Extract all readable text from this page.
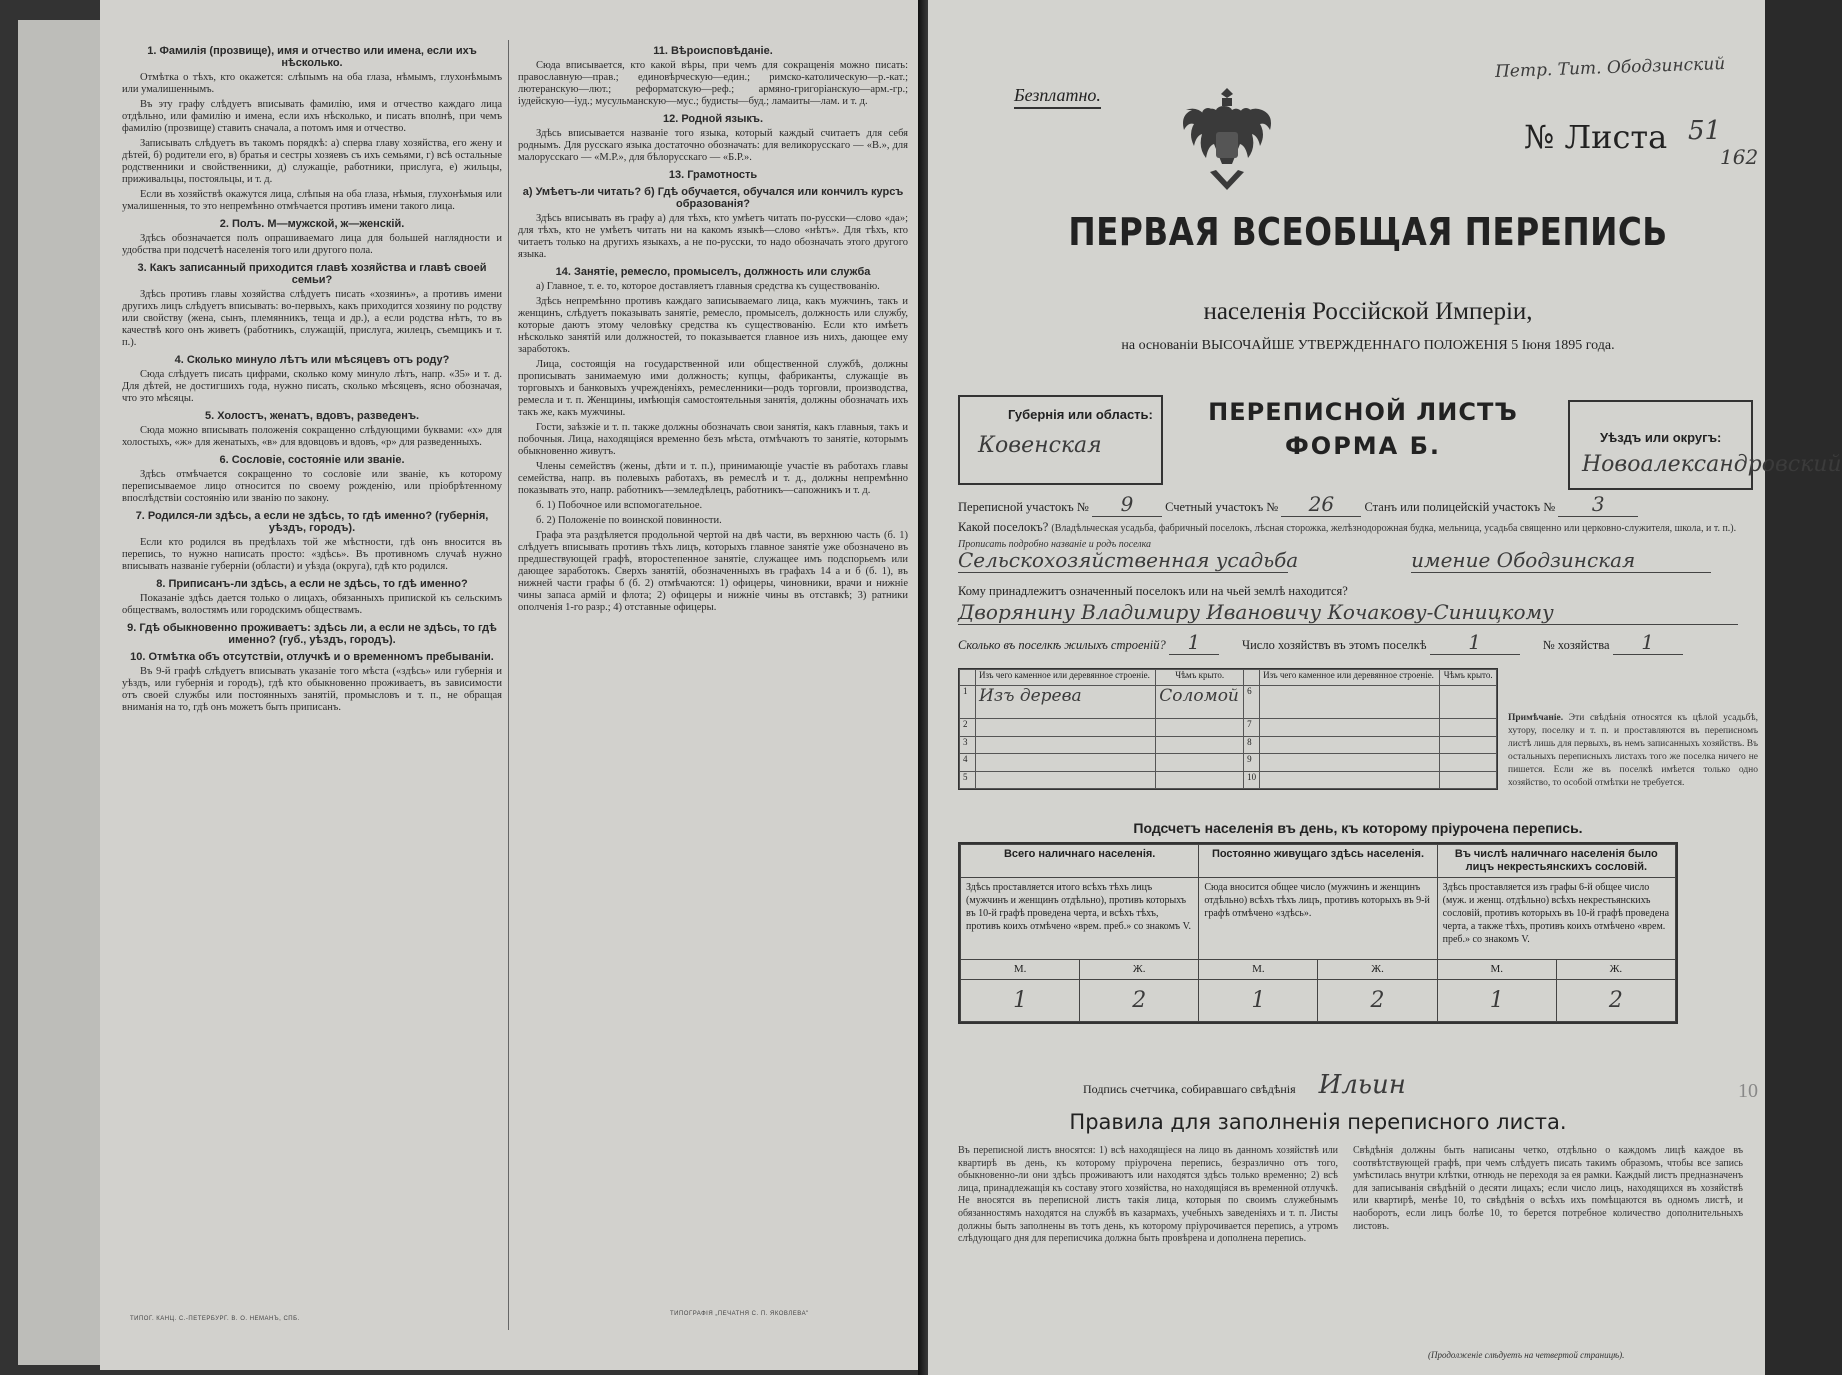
1. Фамилія (прозвище), имя и отчество или имена, если ихъ нѣсколько.
Отмѣтка о тѣхъ, кто окажется: слѣпымъ на оба глаза, нѣмымъ, глухонѣмымъ или умалишеннымъ.
Въ эту графу слѣдуетъ вписывать фамилію, имя и отчество каждаго лица отдѣльно, или фамилію и имена, если ихъ нѣсколько, и писать вполнѣ, при чемъ фамилію (прозвище) ставить сначала, а потомъ имя и отчество.
Записывать слѣдуетъ въ такомъ порядкѣ: а) сперва главу хозяйства, его жену и дѣтей, б) родители его, в) братья и сестры хозяевъ съ ихъ семьями, г) всѣ остальные родственники и свойственники, д) служащіе, работники, прислуга, е) жильцы, приживальцы, постояльцы, и т. д.
Если въ хозяйствѣ окажутся лица, слѣпыя на оба глаза, нѣмыя, глухонѣмыя или умалишенныя, то это непремѣнно отмѣчается противъ имени такого лица.
2. Полъ. М—мужской, ж—женскій.
Здѣсь обозначается полъ опрашиваемаго лица для большей наглядности и удобства при подсчетѣ населенія того или другого пола.
3. Какъ записанный приходится главѣ хозяйства и главѣ своей семьи?
Здѣсь противъ главы хозяйства слѣдуетъ писать «хозяинъ», а противъ имени другихъ лицъ слѣдуетъ вписывать: во-первыхъ, какъ приходится хозяину по родству или свойству (жена, сынъ, племянникъ, теща и др.), а если родства нѣтъ, то въ качествѣ кого онъ живетъ (работникъ, служащій, прислуга, жилецъ, съемщикъ и т. п.).
4. Сколько минуло лѣтъ или мѣсяцевъ отъ роду?
Сюда слѣдуетъ писать цифрами, сколько кому минуло лѣтъ, напр. «35» и т. д. Для дѣтей, не достигшихъ года, нужно писать, сколько мѣсяцевъ, ясно обозначая, что это мѣсяцы.
5. Холостъ, женатъ, вдовъ, разведенъ.
Сюда можно вписывать положенія сокращенно слѣдующими буквами: «х» для холостыхъ, «ж» для женатыхъ, «в» для вдовцовъ и вдовъ, «р» для разведенныхъ.
6. Сословіе, состояніе или званіе.
Здѣсь отмѣчается сокращенно то сословіе или званіе, къ которому переписываемое лицо относится по своему рожденію, или пріобрѣтенному впослѣдствіи состоянію или званію по закону.
7. Родился-ли здѣсь, а если не здѣсь, то гдѣ именно? (губернія, уѣздъ, городъ).
Если кто родился въ предѣлахъ той же мѣстности, гдѣ онъ вносится въ перепись, то нужно написать просто: «здѣсь». Въ противномъ случаѣ нужно вписывать названіе губерніи (области) и уѣзда (округа), гдѣ кто родился.
8. Приписанъ-ли здѣсь, а если не здѣсь, то гдѣ именно?
Показаніе здѣсь дается только о лицахъ, обязанныхъ припиской къ сельскимъ обществамъ, волостямъ или городскимъ обществамъ.
9. Гдѣ обыкновенно проживаетъ: здѣсь ли, а если не здѣсь, то гдѣ именно? (губ., уѣздъ, городъ).
10. Отмѣтка объ отсутствіи, отлучкѣ и о временномъ пребываніи.
Въ 9-й графѣ слѣдуетъ вписывать указаніе того мѣста («здѣсь» или губернія и уѣздъ, или губернія и городъ), гдѣ кто обыкновенно проживаетъ, въ зависимости отъ своей службы или постоянныхъ занятій, промысловъ и т. п., не обращая вниманія на то, гдѣ онъ можетъ быть приписанъ.
11. Вѣроисповѣданіе.
Сюда вписывается, кто какой вѣры, при чемъ для сокращенія можно писать: православную—прав.; единовѣрческую—един.; римско-католическую—р.-кат.; лютеранскую—лют.; реформатскую—реф.; армяно-григоріанскую—арм.-гр.; іудейскую—іуд.; мусульманскую—мус.; будисты—буд.; ламаиты—лам. и т. д.
12. Родной языкъ.
Здѣсь вписывается названіе того языка, который каждый считаетъ для себя роднымъ. Для русскаго языка достаточно обозначать: для великорусскаго — «В.», для малорусскаго — «М.Р.», для бѣлорусскаго — «Б.Р.».
13. Грамотность
а) Умѣетъ-ли читать? б) Гдѣ обучается, обучался или кончилъ курсъ образованія?
Здѣсь вписывать въ графу а) для тѣхъ, кто умѣетъ читать по-русски—слово «да»; для тѣхъ, кто не умѣетъ читать ни на какомъ языкѣ—слово «нѣтъ». Для тѣхъ, кто читаетъ только на другихъ языкахъ, а не по-русски, то надо обозначать этого другого языка.
14. Занятіе, ремесло, промыселъ, должность или служба
а) Главное, т. е. то, которое доставляетъ главныя средства къ существованію.
Здѣсь непремѣнно противъ каждаго записываемаго лица, какъ мужчинъ, такъ и женщинъ, слѣдуетъ показывать занятіе, ремесло, промыселъ, должность или службу, которые даютъ этому человѣку средства къ существованію. Если кто имѣетъ нѣсколько занятій или должностей, то показывается главное изъ нихъ, дающее ему заработокъ.
Лица, состоящія на государственной или общественной службѣ, должны прописывать занимаемую ими должность; купцы, фабриканты, служащіе въ торговыхъ и банковыхъ учрежденіяхъ, ремесленники—родъ торговли, производства, ремесла и т. п. Женщины, имѣющія самостоятельныя занятія, должны обозначать ихъ такъ же, какъ мужчины.
Гости, заѣзжіе и т. п. также должны обозначать свои занятія, какъ главныя, такъ и побочныя. Лица, находящіяся временно безъ мѣста, отмѣчаютъ то занятіе, которымъ обыкновенно живутъ.
Члены семействъ (жены, дѣти и т. п.), принимающіе участіе въ работахъ главы семейства, напр. въ полевыхъ работахъ, въ ремеслѣ и т. д., должны непремѣнно показывать это, напр. работникъ—земледѣлецъ, работникъ—сапожникъ и т. д.
б. 1) Побочное или вспомогательное.
б. 2) Положеніе по воинской повинности.
Графа эта раздѣляется продольной чертой на двѣ части, въ верхнюю часть (б. 1) слѣдуетъ вписывать противъ тѣхъ лицъ, которыхъ главное занятіе уже обозначено въ предшествующей графѣ, второстепенное занятіе, служащее имъ подспорьемъ или дающее заработокъ. Сверхъ занятій, обозначенныхъ въ графахъ 14 а и б (б. 1), въ нижней части графы б (б. 2) отмѣчаются: 1) офицеры, чиновники, врачи и нижніе чины запаса армій и флота; 2) офицеры и нижніе чины въ отставкѣ; 3) ратники ополченія 1-го разр.; 4) отставные офицеры.
ТИПОГ. КАНЦ. С.-ПЕТЕРБУРГ. В. О. НЕМАНЪ, СПБ.
ТИПОГРАФІЯ „ПЕЧАТНЯ С. П. ЯКОВЛЕВА"
Петр. Тит. Ободзинский
Безплатно.
№ Листа 51
162
ПЕРВАЯ ВСЕОБЩАЯ ПЕРЕПИСЬ
населенія Россійской Имперіи,
на основаніи ВЫСОЧАЙШЕ УТВЕРЖДЕННАГО ПОЛОЖЕНІЯ 5 Іюня 1895 года.
Губернія или область:
Ковенская
ПЕРЕПИСНОЙ ЛИСТЪ
ФОРМА Б.	Уѣздъ или округъ:
Новоалександровский
Переписной участокъ № 9	Счетный участокъ № 26 Станъ или полицейскій участокъ № 3
Какой поселокъ? (Владѣльческая усадьба, фабричный поселокъ, лѣсная сторожка, желѣзнодорожная будка, мельница, усадьба священно или церковно-служителя, школа, и т. п.). Прописать подробно названіе и родъ поселка
Сельскохозяйственная усадьба	имение Ободзинская
Кому принадлежитъ означенный поселокъ или на чьей землѣ находится?
Дворянину Владимиру Ивановичу Кочакову-Синицкому
Сколько въ поселкѣ жилыхъ строеній? 1	Число хозяйствъ въ этомъ поселкѣ 1	№ хозяйства 1
	Изъ чего каменное или деревянное строеніе.	Чѣмъ крыто.		Изъ чего каменное или деревянное строеніе.	Чѣмъ крыто.
1	Изъ дерева	Соломой	6		
2			7		
3			8		
4			9		
5			10		
Примѣчаніе. Эти свѣдѣнія относятся къ цѣлой усадьбѣ, хутору, поселку и т. п. и проставляются въ переписномъ листѣ лишь для первыхъ, въ немъ записанныхъ хозяйствъ. Въ остальныхъ переписныхъ листахъ того же поселка ничего не пишется. Если же въ поселкѣ имѣется только одно хозяйство, то особой отмѣтки не требуется.
Подсчетъ населенія въ день, къ которому пріурочена перепись.
Всего наличнаго населенія.		Постоянно живущаго здѣсь населенія.		Въ числѣ наличнаго населенія было лицъ некрестьянскихъ сословій.	
Здѣсь проставляется итого всѣхъ тѣхъ лицъ (мужчинъ и женщинъ отдѣльно), противъ которыхъ въ 10-й графѣ проведена черта, и всѣхъ тѣхъ, противъ коихъ отмѣчено «врем. преб.» со знакомъ V.		Сюда вносится общее число (мужчинъ и женщинъ отдѣльно) всѣхъ тѣхъ лицъ, противъ которыхъ въ 9-й графѣ отмѣчено «здѣсь».		Здѣсь проставляется изъ графы 6-й общее число (муж. и женщ. отдѣльно) всѣхъ некрестьянскихъ сословій, противъ которыхъ въ 10-й графѣ проведена черта, а также тѣхъ, противъ коихъ отмѣчено «врем. преб.» со знакомъ V.	
М.	Ж.	М.	Ж.	М.	Ж.
1	2	1	2	1	2
Подпись счетчика, собиравшаго свѣдѣнія Ильин	10
Правила для заполненія переписного листа.
Въ переписной листъ вносятся: 1) всѣ находящіеся на лицо въ данномъ хозяйствѣ или квартирѣ въ день, къ которому пріурочена перепись, безразлично отъ того, обыкновенно-ли они здѣсь проживаютъ или находятся здѣсь только временно; 2) всѣ лица, принадлежащія къ составу этого хозяйства, но находящіяся въ временной отлучкѣ. Не вносятся въ переписной листъ такія лица, которыя по своимъ служебнымъ обязанностямъ находятся на службѣ въ казармахъ, учебныхъ заведеніяхъ и т. п. Листы должны быть заполнены въ тотъ день, къ которому пріурочивается перепись, а утромъ слѣдующаго дня для переписчика должна быть провѣрена и дополнена перепись.
Свѣдѣнія должны быть написаны четко, отдѣльно о каждомъ лицѣ каждое въ соотвѣтствующей графѣ, при чемъ слѣдуетъ писать такимъ образомъ, чтобы все запись умѣстилась внутри клѣтки, отнюдь не переходя за ея рамки. Каждый листъ предназначенъ для записыванія свѣдѣній о десяти лицахъ; если число лицъ, находящихся въ хозяйствѣ или квартирѣ, менѣе 10, то свѣдѣнія о всѣхъ ихъ помѣщаются въ одномъ листѣ, и наоборотъ, если лицъ болѣе 10, то берется потребное количество дополнительныхъ листовъ.
(Продолженіе слѣдуетъ на четвертой страницѣ).
